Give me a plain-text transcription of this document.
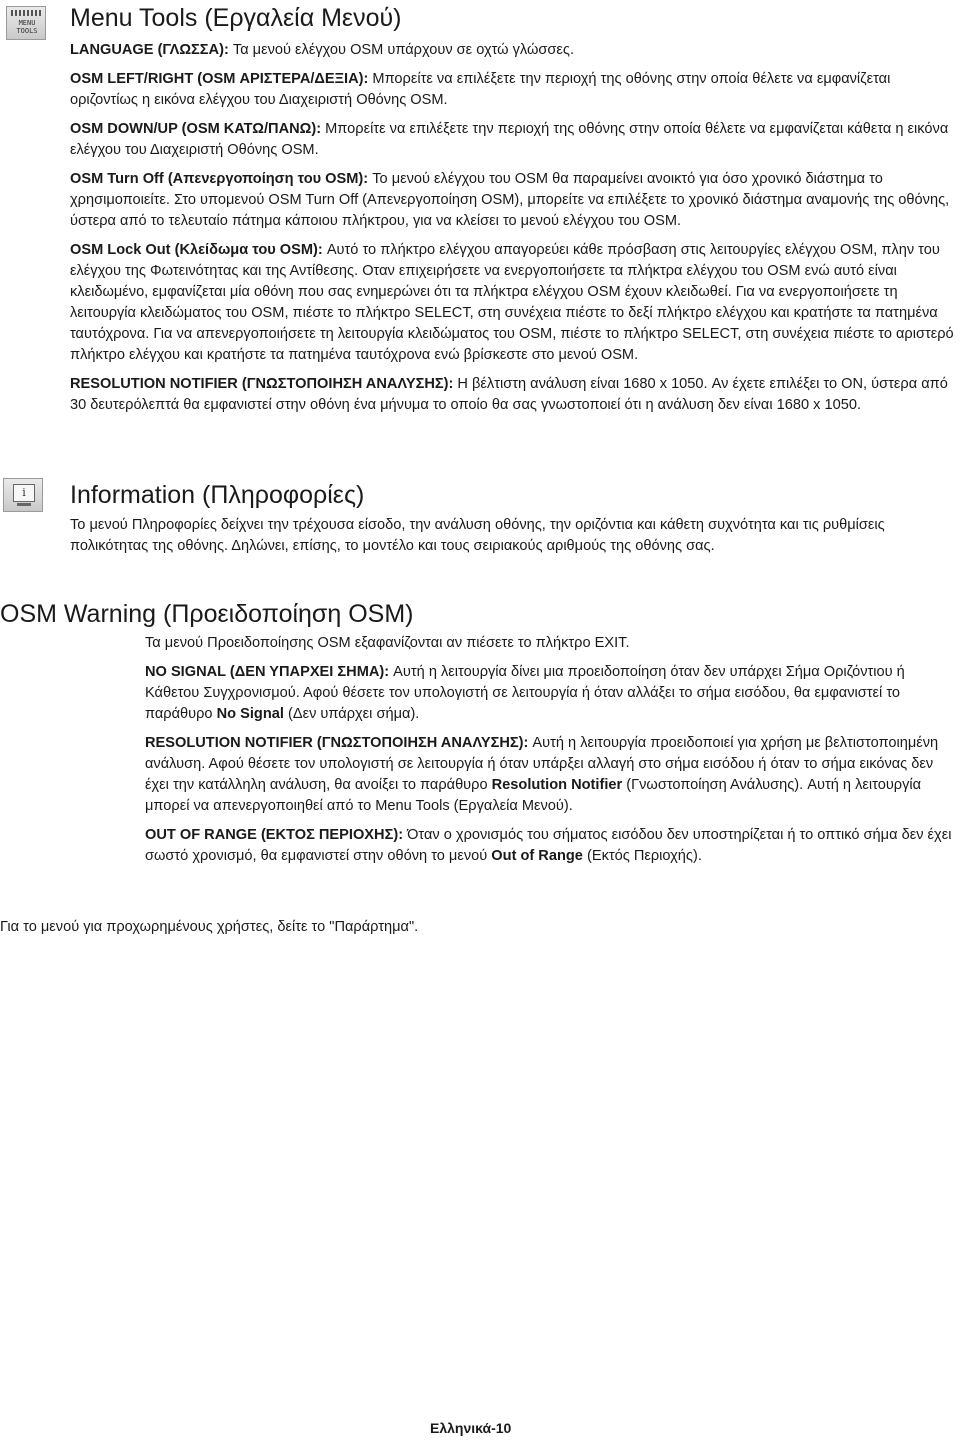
MENU TOOLS Menu Tools (Εργαλεία Μενού)

LANGUAGE (ΓΛΩΣΣΑ): Τα μενού ελέγχου OSM υπάρχουν σε οχτώ γλώσσες.

OSM LEFT/RIGHT (OSM ΑΡΙΣΤΕΡΑ/ΔΕΞΙΑ): Μπορείτε να επιλέξετε την περιοχή της οθόνης στην οποία θέλετε να εμφανίζεται οριζοντίως η εικόνα ελέγχου του Διαχειριστή Οθόνης OSM.

OSM DOWN/UP (OSM ΚΑΤΩ/ΠΑΝΩ): Μπορείτε να επιλέξετε την περιοχή της οθόνης στην οποία θέλετε να εμφανίζεται κάθετα η εικόνα ελέγχου του Διαχειριστή Οθόνης OSM.

OSM Turn Off (Απενεργοποίηση του OSM): Το μενού ελέγχου του OSM θα παραμείνει ανοικτό για όσο χρονικό διάστημα το χρησιμοποιείτε. Στο υπομενού OSM Turn Off (Απενεργοποίηση OSM), μπορείτε να επιλέξετε το χρονικό διάστημα αναμονής της οθόνης, ύστερα από το τελευταίο πάτημα κάποιου πλήκτρου, για να κλείσει το μενού ελέγχου του OSM.

OSM Lock Out (Κλείδωμα του OSM): Αυτό το πλήκτρο ελέγχου απαγορεύει κάθε πρόσβαση στις λειτουργίες ελέγχου OSM, πλην του ελέγχου της Φωτεινότητας και της Αντίθεσης. Οταν επιχειρήσετε να ενεργοποιήσετε τα πλήκτρα ελέγχου του OSM ενώ αυτό είναι κλειδωμένο, εμφανίζεται μία οθόνη που σας ενημερώνει ότι τα πλήκτρα ελέγχου OSM έχουν κλειδωθεί. Για να ενεργοποιήσετε τη λειτουργία κλειδώματος του OSM, πιέστε το πλήκτρο SELECT, στη συνέχεια πιέστε το δεξί πλήκτρο ελέγχου και κρατήστε τα πατημένα ταυτόχρονα. Για να απενεργοποιήσετε τη λειτουργία κλειδώματος του OSM, πιέστε το πλήκτρο SELECT, στη συνέχεια πιέστε το αριστερό πλήκτρο ελέγχου και κρατήστε τα πατημένα ταυτόχρονα ενώ βρίσκεστε στο μενού OSM.

RESOLUTION NOTIFIER (ΓΝΩΣΤΟΠΟΙΗΣΗ ΑΝΑΛΥΣΗΣ): Η βέλτιστη ανάλυση είναι 1680 x 1050. Αν έχετε επιλέξει το ON, ύστερα από 30 δευτερόλεπτά θα εμφανιστεί στην οθόνη ένα μήνυμα το οποίο θα σας γνωστοποιεί ότι η ανάλυση δεν είναι 1680 x 1050.

i	Information (Πληροφορίες)

Το μενού Πληροφορίες δείχνει την τρέχουσα είσοδο, την ανάλυση οθόνης, την οριζόντια και κάθετη συχνότητα και τις ρυθμίσεις πολικότητας της οθόνης. Δηλώνει, επίσης, το μοντέλο και τους σειριακούς αριθμούς της οθόνης σας.

OSM Warning (Προειδοποίηση OSM)

Τα μενού Προειδοποίησης OSM εξαφανίζονται αν πιέσετε το πλήκτρο EXIT.

NO SIGNAL (ΔΕΝ ΥΠΑΡΧΕΙ ΣΗΜΑ): Αυτή η λειτουργία δίνει μια προειδοποίηση όταν δεν υπάρχει Σήμα Οριζόντιου ή Κάθετου Συγχρονισμού. Αφού θέσετε τον υπολογιστή σε λειτουργία ή όταν αλλάξει το σήμα εισόδου, θα εμφανιστεί το παράθυρο No Signal (Δεν υπάρχει σήμα).

RESOLUTION NOTIFIER (ΓΝΩΣΤΟΠΟΙΗΣΗ ΑΝΑΛΥΣΗΣ): Αυτή η λειτουργία προειδοποιεί για χρήση με βελτιστοποιημένη ανάλυση. Αφού θέσετε τον υπολογιστή σε λειτουργία ή όταν υπάρξει αλλαγή στο σήμα εισόδου ή όταν το σήμα εικόνας δεν έχει την κατάλληλη ανάλυση, θα ανοίξει το παράθυρο Resolution Notifier (Γνωστοποίηση Ανάλυσης). Αυτή η λειτουργία μπορεί να απενεργοποιηθεί από το Menu Tools (Εργαλεία Μενού).

OUT OF RANGE (ΕΚΤΟΣ ΠΕΡΙΟΧΗΣ): Όταν ο χρονισμός του σήματος εισόδου δεν υποστηρίζεται ή το οπτικό σήμα δεν έχει σωστό χρονισμό, θα εμφανιστεί στην οθόνη το μενού Out of Range (Εκτός Περιοχής).

Για το μενού για προχωρημένους χρήστες, δείτε το "Παράρτημα".

Ελληνικά-10
